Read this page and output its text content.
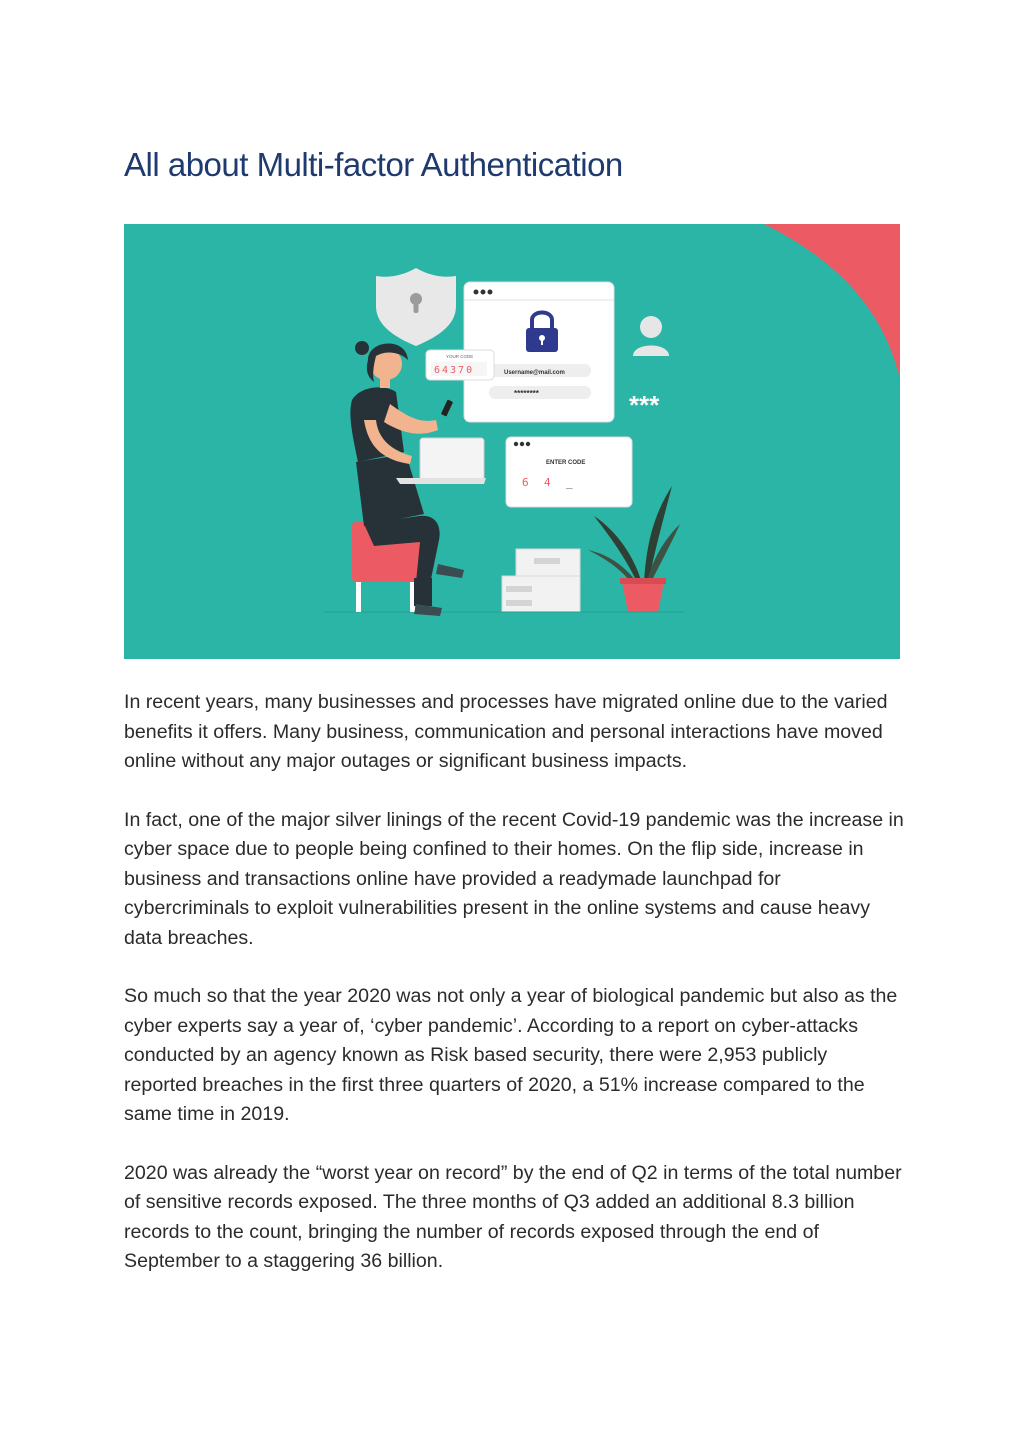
All about Multi-factor Authentication
Username@mail.com
********
YOUR CODE
64370
***
ENTER CODE
6 4 _

In recent years, many businesses and processes have migrated online due to the varied benefits it offers. Many business, communication and personal interactions have moved online without any major outages or significant business impacts.

In fact, one of the major silver linings of the recent Covid-19 pandemic was the increase in cyber space due to people being confined to their homes. On the flip side, increase in business and transactions online have provided a readymade launchpad for cybercriminals to exploit vulnerabilities present in the online systems and cause heavy data breaches.

So much so that the year 2020 was not only a year of biological pandemic but also as the cyber experts say a year of, ‘cyber pandemic’. According to a report on cyber-attacks conducted by an agency known as Risk based security, there were 2,953 publicly reported breaches in the first three quarters of 2020, a 51% increase compared to the same time in 2019.

2020 was already the “worst year on record” by the end of Q2 in terms of the total number of sensitive records exposed. The three months of Q3 added an additional 8.3 billion records to the count, bringing the number of records exposed through the end of September to a staggering 36 billion.
